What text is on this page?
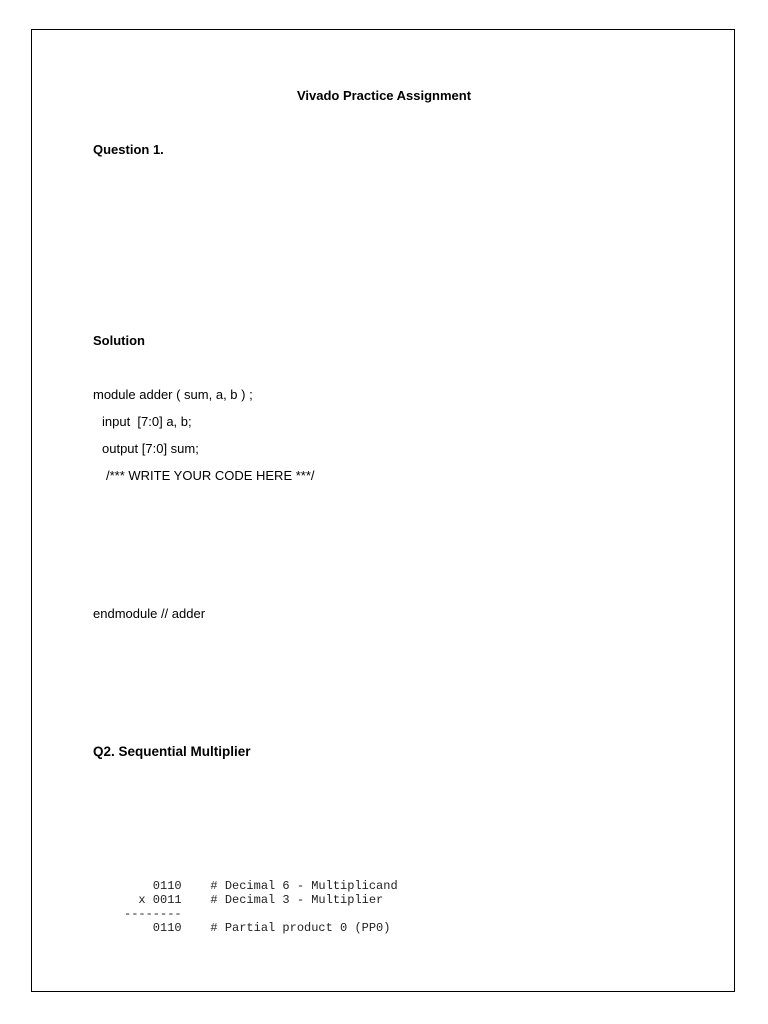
Vivado Practice Assignment
Question 1.
Solution
module adder ( sum, a, b ) ;
input  [7:0] a, b;
output [7:0] sum;
/*** WRITE YOUR CODE HERE ***/
endmodule // adder
Q2. Sequential Multiplier
0110    # Decimal 6 - Multiplicand
x 0011    # Decimal 3 - Multiplier
--------
0110    # Partial product 0 (PP0)
